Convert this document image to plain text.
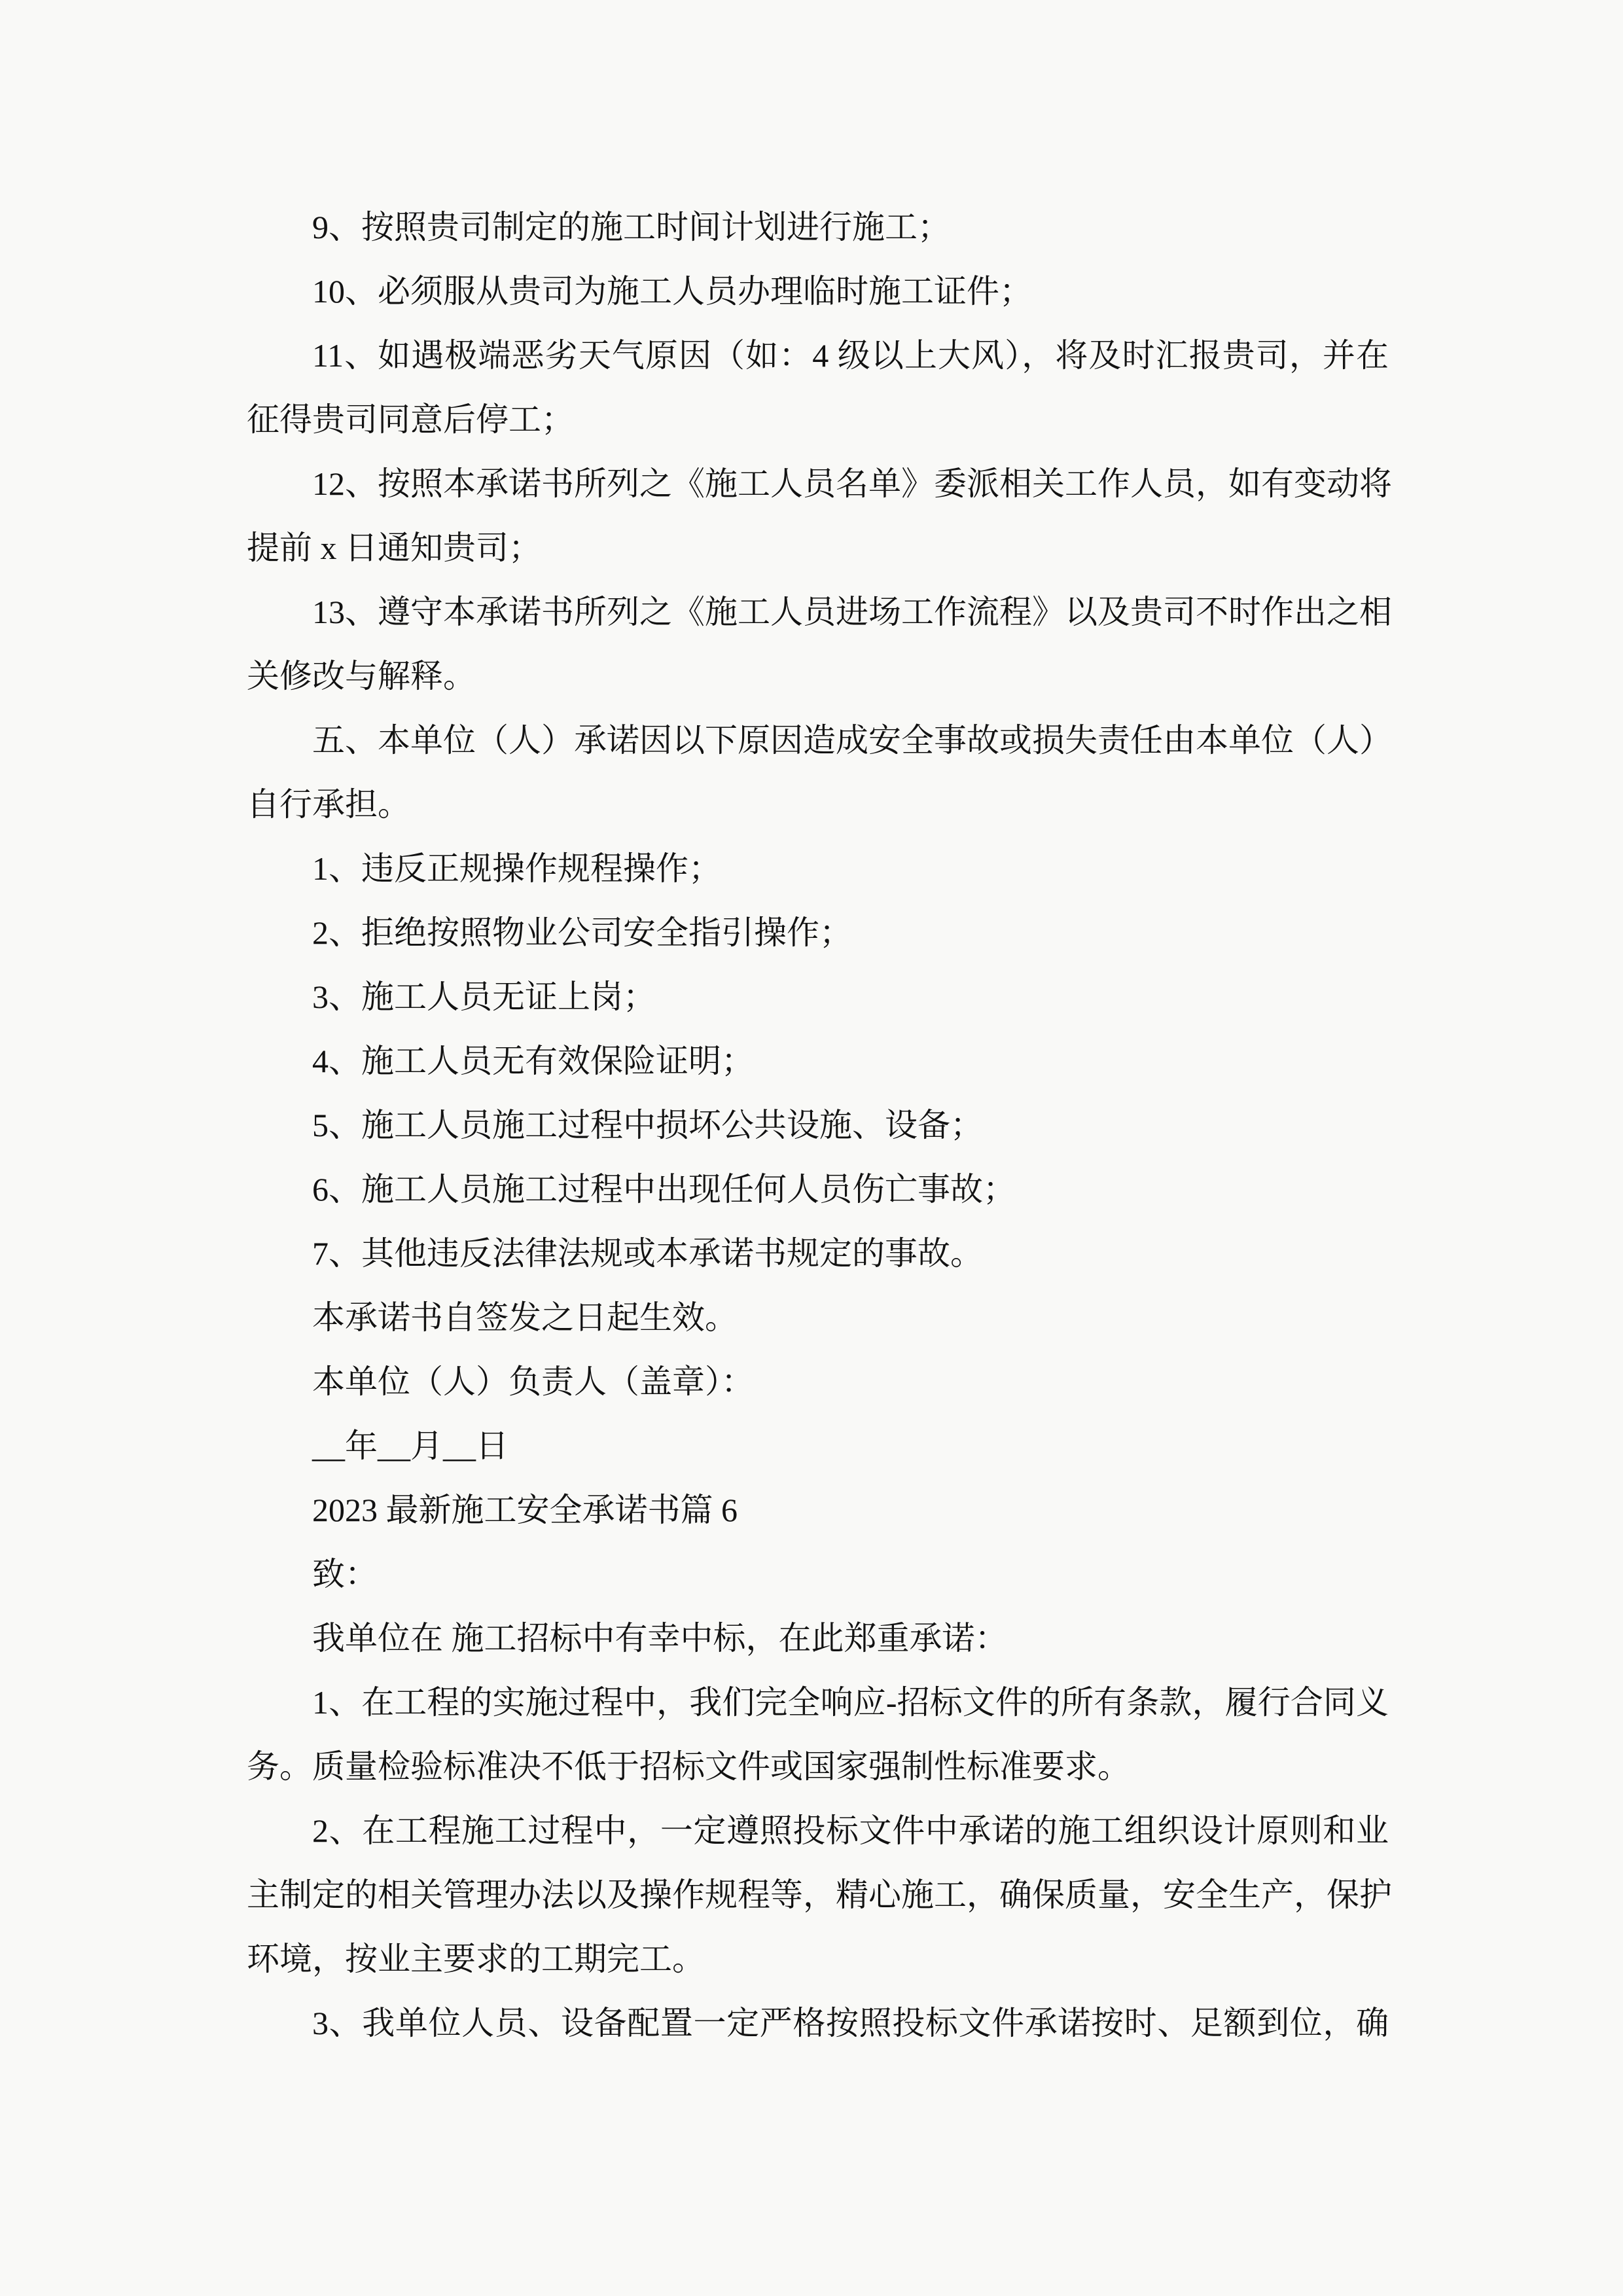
9、按照贵司制定的施工时间计划进行施工；
10、必须服从贵司为施工人员办理临时施工证件；
11、如遇极端恶劣天气原因（如：4 级以上大风），将及时汇报贵司，并在
征得贵司同意后停工；
12、按照本承诺书所列之《施工人员名单》委派相关工作人员，如有变动将
提前 x 日通知贵司；
13、遵守本承诺书所列之《施工人员进场工作流程》以及贵司不时作出之相
关修改与解释。
五、本单位（人）承诺因以下原因造成安全事故或损失责任由本单位（人）
自行承担。
1、违反正规操作规程操作；
2、拒绝按照物业公司安全指引操作；
3、施工人员无证上岗；
4、施工人员无有效保险证明；
5、施工人员施工过程中损坏公共设施、设备；
6、施工人员施工过程中出现任何人员伤亡事故；
7、其他违反法律法规或本承诺书规定的事故。
本承诺书自签发之日起生效。
本单位（人）负责人（盖章）：
__年__月__日
2023 最新施工安全承诺书篇 6
致：
我单位在 施工招标中有幸中标，在此郑重承诺：
1、在工程的实施过程中，我们完全响应-招标文件的所有条款，履行合同义
务。质量检验标准决不低于招标文件或国家强制性标准要求。
2、在工程施工过程中，一定遵照投标文件中承诺的施工组织设计原则和业
主制定的相关管理办法以及操作规程等，精心施工，确保质量，安全生产，保护
环境，按业主要求的工期完工。
3、我单位人员、设备配置一定严格按照投标文件承诺按时、足额到位，确
